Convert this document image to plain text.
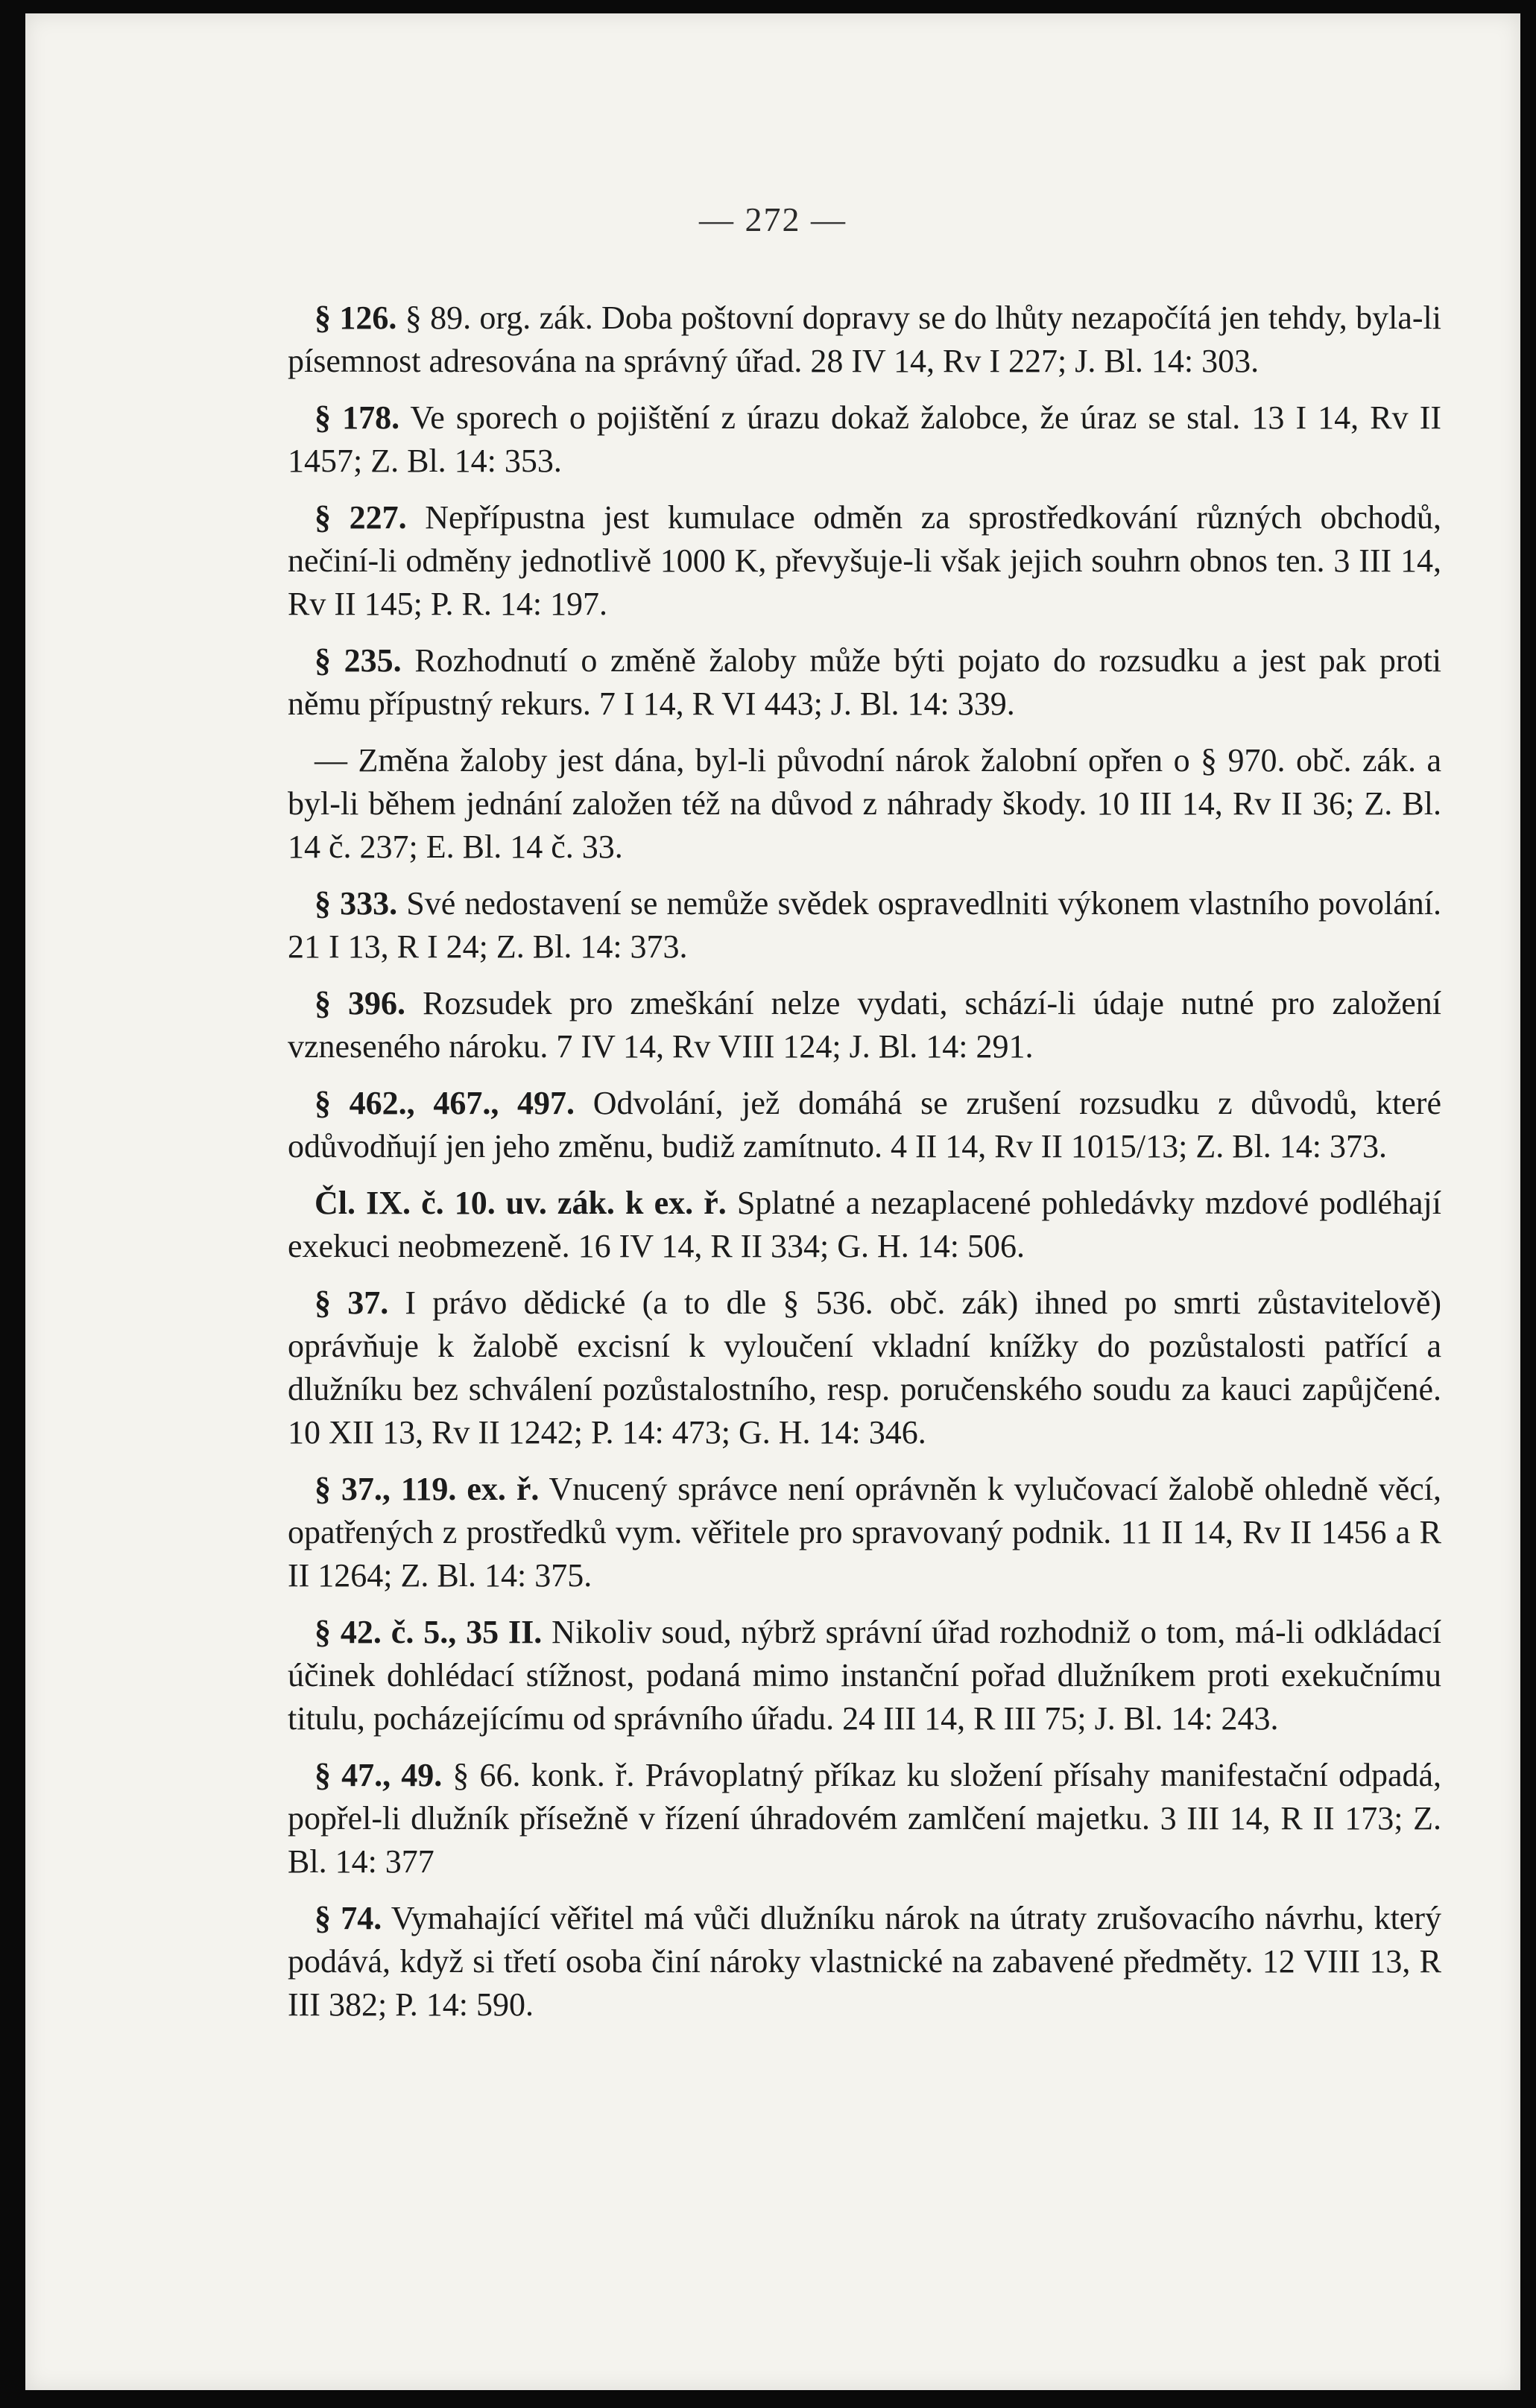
— 272 —

§ 126. § 89. org. zák. Doba poštovní dopravy se do lhůty nezapočítá jen tehdy, byla-li písemnost adresována na správný úřad. 28 IV 14, Rv I 227; J. Bl. 14: 303.

§ 178. Ve sporech o pojištění z úrazu dokaž žalobce, že úraz se stal. 13 I 14, Rv II 1457; Z. Bl. 14: 353.

§ 227. Nepřípustna jest kumulace odměn za sprostředkování různých obchodů, nečiní-li odměny jednotlivě 1000 K, převyšuje-li však jejich souhrn obnos ten. 3 III 14, Rv II 145; P. R. 14: 197.

§ 235. Rozhodnutí o změně žaloby může býti pojato do rozsudku a jest pak proti němu přípustný rekurs. 7 I 14, R VI 443; J. Bl. 14: 339.

— Změna žaloby jest dána, byl-li původní nárok žalobní opřen o § 970. obč. zák. a byl-li během jednání založen též na důvod z náhrady škody. 10 III 14, Rv II 36; Z. Bl. 14 č. 237; E. Bl. 14 č. 33.

§ 333. Své nedostavení se nemůže svědek ospravedlniti výkonem vlastního povolání. 21 I 13, R I 24; Z. Bl. 14: 373.

§ 396. Rozsudek pro zmeškání nelze vydati, schází-li údaje nutné pro založení vzneseného nároku. 7 IV 14, Rv VIII 124; J. Bl. 14: 291.

§ 462., 467., 497. Odvolání, jež domáhá se zrušení rozsudku z důvodů, které odůvodňují jen jeho změnu, budiž zamítnuto. 4 II 14, Rv II 1015/13; Z. Bl. 14: 373.

Čl. IX. č. 10. uv. zák. k ex. ř. Splatné a nezaplacené pohledávky mzdové podléhají exekuci neobmezeně. 16 IV 14, R II 334; G. H. 14: 506.

§ 37. I právo dědické (a to dle § 536. obč. zák) ihned po smrti zůstavitelově) oprávňuje k žalobě excisní k vyloučení vkladní knížky do pozůstalosti patřící a dlužníku bez schválení pozůstalostního, resp. poručenského soudu za kauci zapůjčené. 10 XII 13, Rv II 1242; P. 14: 473; G. H. 14: 346.

§ 37., 119. ex. ř. Vnucený správce není oprávněn k vylučovací žalobě ohledně věcí, opatřených z prostředků vym. věřitele pro spravovaný podnik. 11 II 14, Rv II 1456 a R II 1264; Z. Bl. 14: 375.

§ 42. č. 5., 35 II. Nikoliv soud, nýbrž správní úřad rozhodniž o tom, má-li odkládací účinek dohlédací stížnost, podaná mimo instanční pořad dlužníkem proti exekučnímu titulu, pocházejícímu od správního úřadu. 24 III 14, R III 75; J. Bl. 14: 243.

§ 47., 49. § 66. konk. ř. Právoplatný příkaz ku složení přísahy manifestační odpadá, popřel-li dlužník přísežně v řízení úhradovém zamlčení majetku. 3 III 14, R II 173; Z. Bl. 14: 377

§ 74. Vymahající věřitel má vůči dlužníku nárok na útraty zrušovacího návrhu, který podává, když si třetí osoba činí nároky vlastnické na zabavené předměty. 12 VIII 13, R III 382; P. 14: 590.
